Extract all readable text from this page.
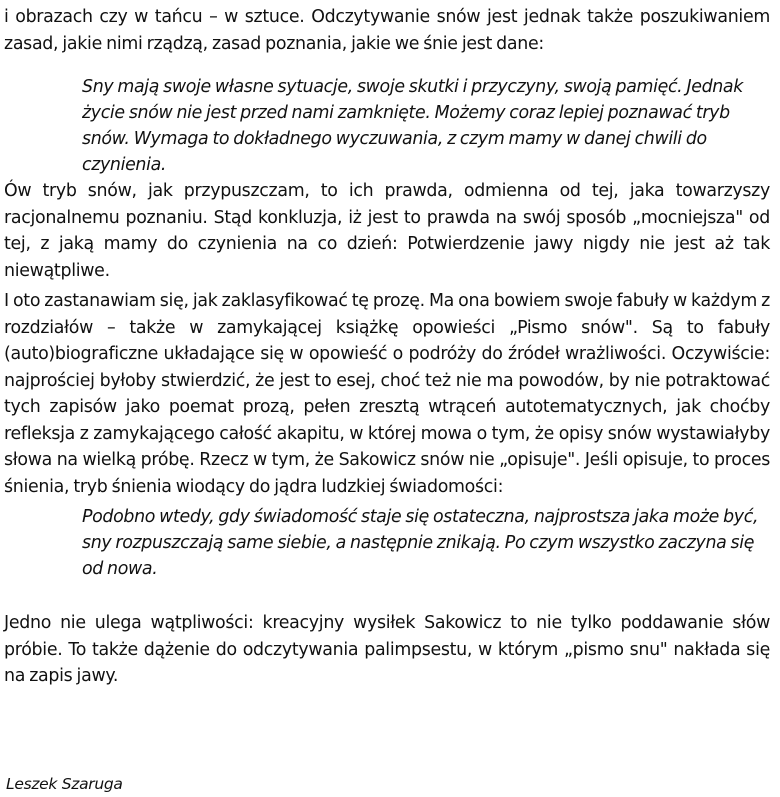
i obrazach czy w tańcu – w sztuce. Odczytywanie snów jest jednak także poszukiwaniem zasad, jakie nimi rządzą, zasad poznania, jakie we śnie jest dane:

Sny mają swoje własne sytuacje, swoje skutki i przyczyny, swoją pamięć. Jednak życie snów nie jest przed nami zamknięte. Możemy coraz lepiej poznawać tryb snów. Wymaga to dokładnego wyczuwania, z czym mamy w danej chwili do czynienia.

Ów tryb snów, jak przypuszczam, to ich prawda, odmienna od tej, jaka towarzyszy racjonalnemu poznaniu. Stąd konkluzja, iż jest to prawda na swój sposób „mocniejsza" od tej, z jaką mamy do czynienia na co dzień: Potwierdzenie jawy nigdy nie jest aż tak niewątpliwe.

I oto zastanawiam się, jak zaklasyfikować tę prozę. Ma ona bowiem swoje fabuły w każdym z rozdziałów – także w zamykającej książkę opowieści „Pismo snów". Są to fabuły (auto)biograficzne układające się w opowieść o podróży do źródeł wrażliwości. Oczywiście: najprościej byłoby stwierdzić, że jest to esej, choć też nie ma powodów, by nie potraktować tych zapisów jako poemat prozą, pełen zresztą wtrąceń autotematycznych, jak choćby refleksja z zamykającego całość akapitu, w której mowa o tym, że opisy snów wystawiałyby słowa na wielką próbę. Rzecz w tym, że Sakowicz snów nie „opisuje". Jeśli opisuje, to proces śnienia, tryb śnienia wiodący do jądra ludzkiej świadomości:

Podobno wtedy, gdy świadomość staje się ostateczna, najprostsza jaka może być, sny rozpuszczają same siebie, a następnie znikają. Po czym wszystko zaczyna się od nowa.

Jedno nie ulega wątpliwości: kreacyjny wysiłek Sakowicz to nie tylko poddawanie słów próbie. To także dążenie do odczytywania palimpsestu, w którym „pismo snu" nakłada się na zapis jawy.

Leszek Szaruga
